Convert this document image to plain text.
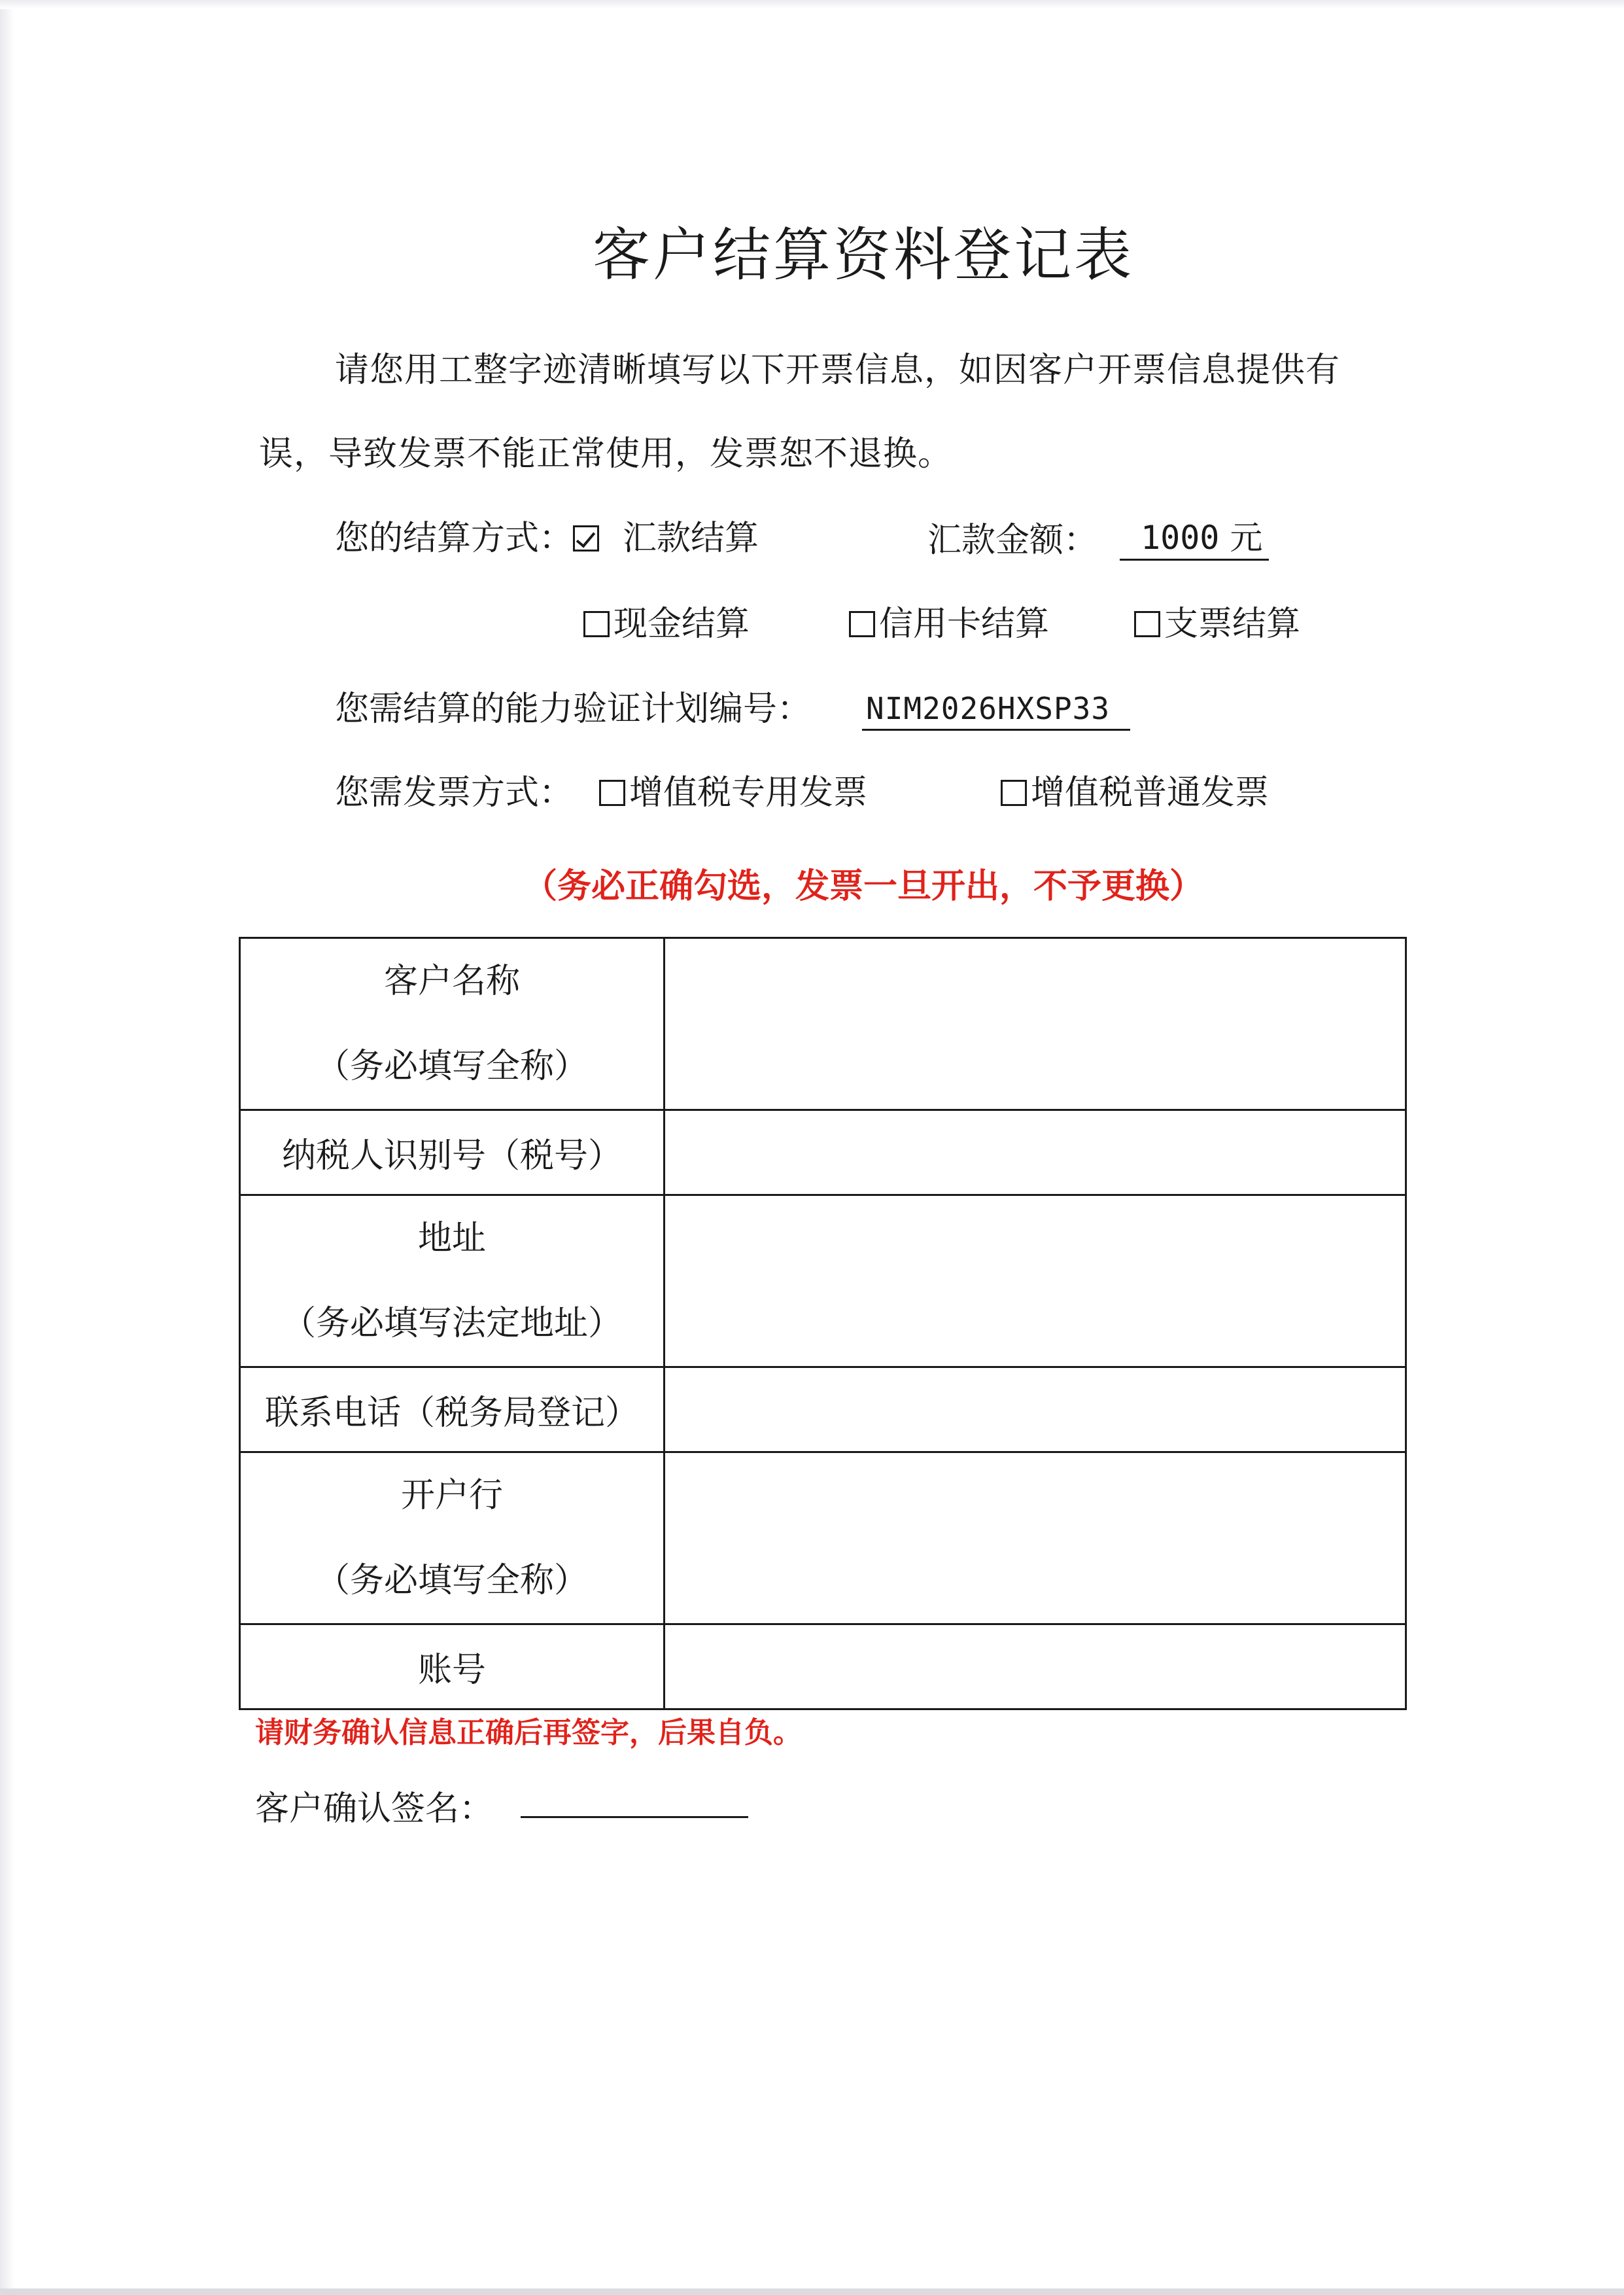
客户结算资料登记表
请您用工整字迹清晰填写以下开票信息，如因客户开票信息提供有
误，导致发票不能正常使用，发票恕不退换。
您的结算方式： 汇款结算	汇款金额：	1000 元
现金结算	信用卡结算	支票结算
您需结算的能力验证计划编号： NIM2026HXSP33
您需发票方式：	增值税专用发票	增值税普通发票
（务必正确勾选，发票一旦开出，不予更换）
客户名称
（务必填写全称）	

纳税人识别号（税号）	

地址
（务必填写法定地址）	

联系电话（税务局登记）	

开户行
（务必填写全称）	

账号	
请财务确认信息正确后再签字，后果自负。
客户确认签名：
